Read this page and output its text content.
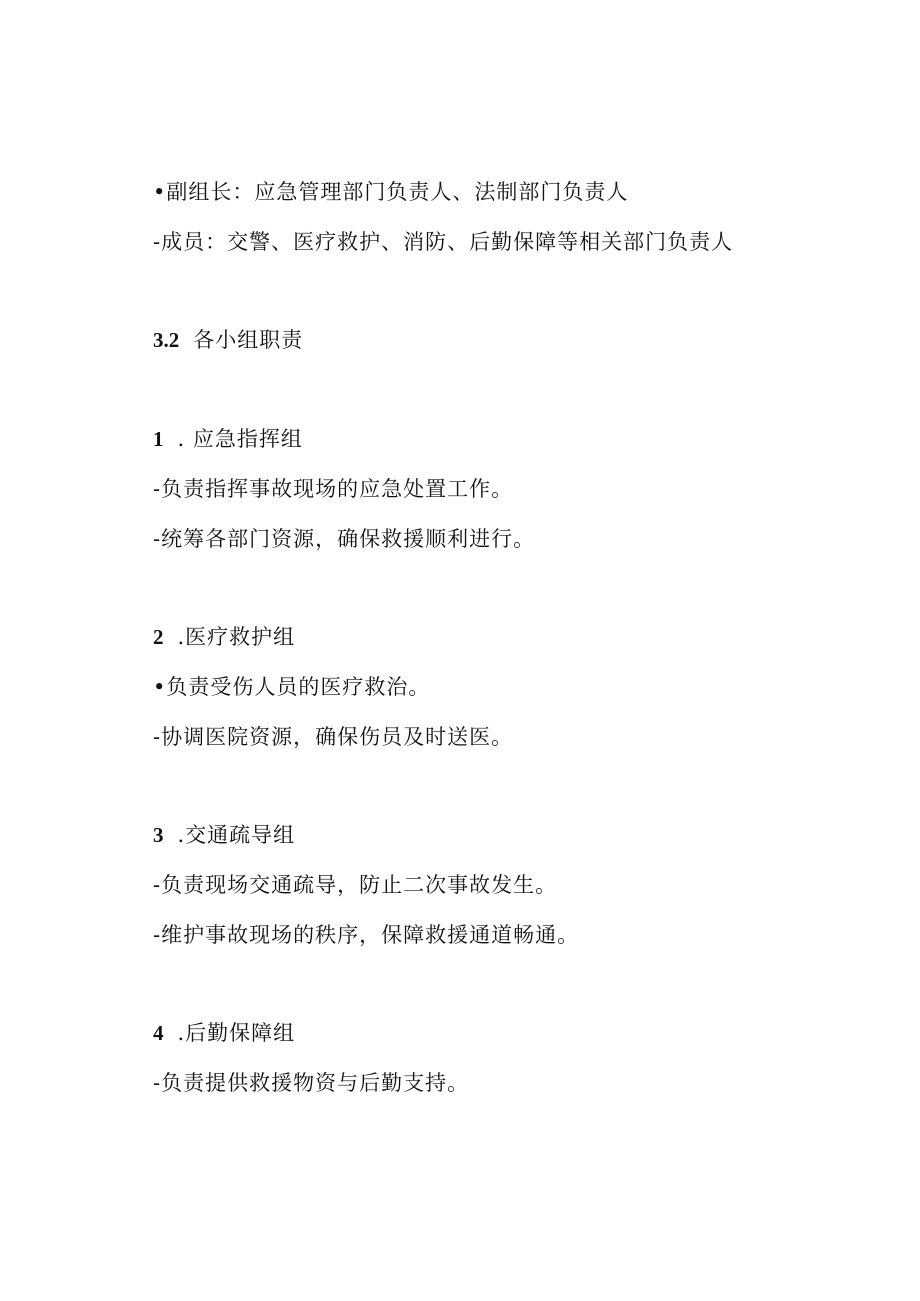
•副组长：应急管理部门负责人、法制部门负责人
-成员：交警、医疗救护、消防、后勤保障等相关部门负责人
3.2 各小组职责
1 . 应急指挥组
-负责指挥事故现场的应急处置工作。
-统筹各部门资源，确保救援顺利进行。
2 .医疗救护组
•负责受伤人员的医疗救治。
-协调医院资源，确保伤员及时送医。
3 .交通疏导组
-负责现场交通疏导，防止二次事故发生。
-维护事故现场的秩序，保障救援通道畅通。
4 .后勤保障组
-负责提供救援物资与后勤支持。
